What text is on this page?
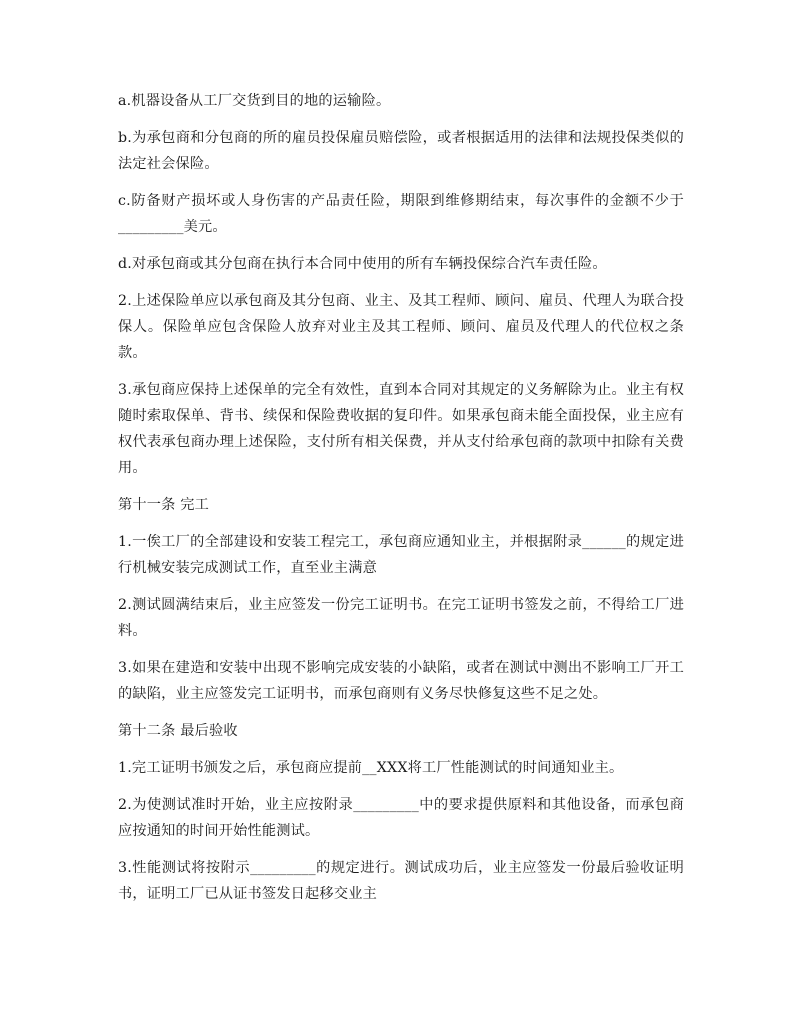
a.机器设备从工厂交货到目的地的运输险。

b.为承包商和分包商的所的雇员投保雇员赔偿险，或者根据适用的法律和法规投保类似的法定社会保险。

c.防备财产损坏或人身伤害的产品责任险，期限到维修期结束，每次事件的金额不少于_________美元。

d.对承包商或其分包商在执行本合同中使用的所有车辆投保综合汽车责任险。

2.上述保险单应以承包商及其分包商、业主、及其工程师、顾问、雇员、代理人为联合投保人。保险单应包含保险人放弃对业主及其工程师、顾问、雇员及代理人的代位权之条款。

3.承包商应保持上述保单的完全有效性，直到本合同对其规定的义务解除为止。业主有权随时索取保单、背书、续保和保险费收据的复印件。如果承包商未能全面投保，业主应有权代表承包商办理上述保险，支付所有相关保费，并从支付给承包商的款项中扣除有关费用。

第十一条 完工

1.一俟工厂的全部建设和安装工程完工，承包商应通知业主，并根据附录______的规定进行机械安装完成测试工作，直至业主满意

2.测试圆满结束后，业主应签发一份完工证明书。在完工证明书签发之前，不得给工厂进料。

3.如果在建造和安装中出现不影响完成安装的小缺陷，或者在测试中测出不影响工厂开工的缺陷，业主应签发完工证明书，而承包商则有义务尽快修复这些不足之处。

第十二条 最后验收

1.完工证明书颁发之后，承包商应提前__XXX将工厂性能测试的时间通知业主。

2.为使测试准时开始，业主应按附录_________中的要求提供原料和其他设备，而承包商应按通知的时间开始性能测试。

3.性能测试将按附示_________的规定进行。测试成功后，业主应签发一份最后验收证明书，证明工厂已从证书签发日起移交业主
